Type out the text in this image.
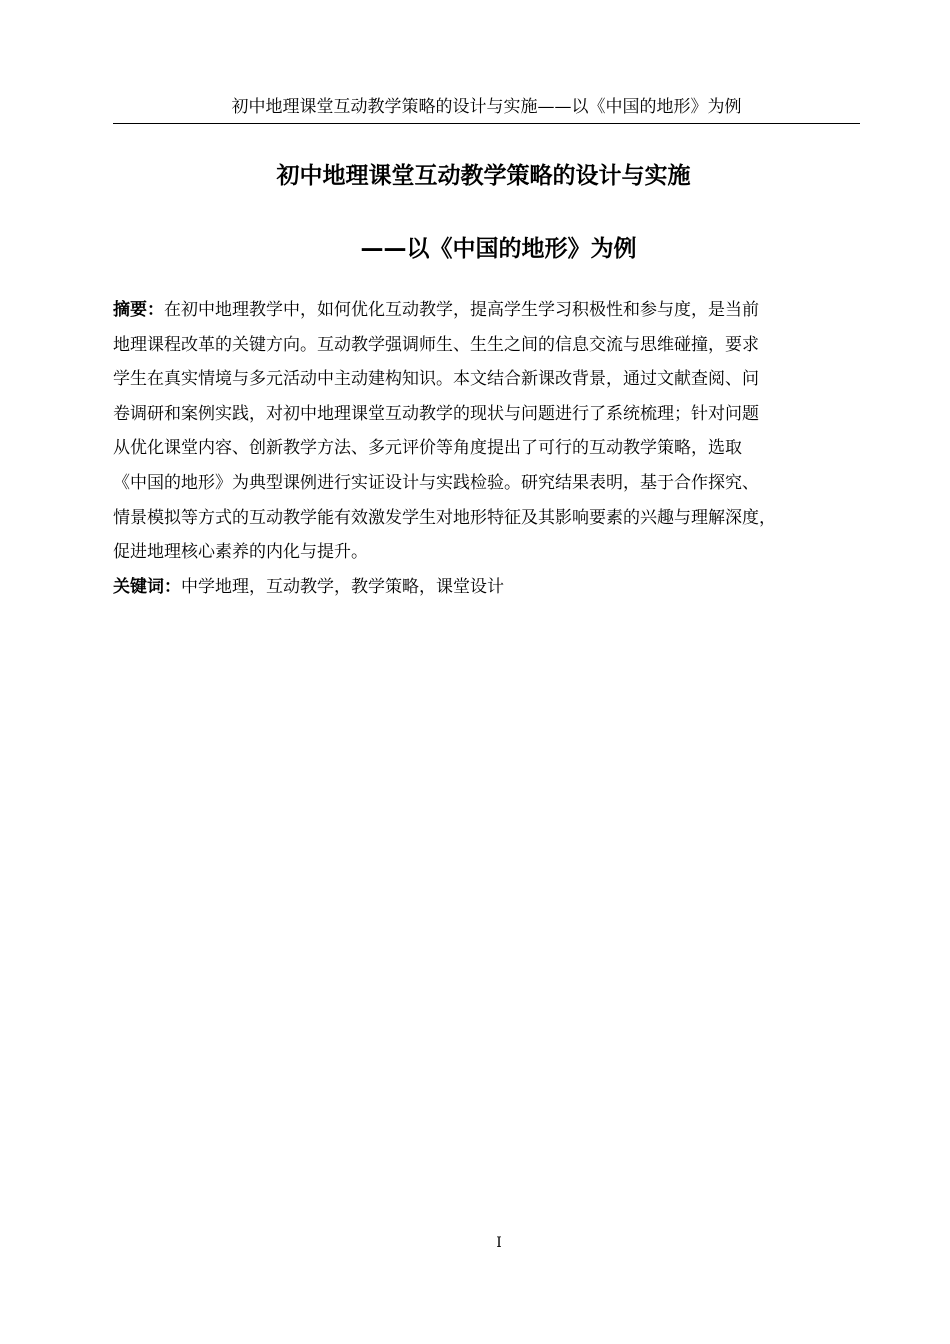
初中地理课堂互动教学策略的设计与实施——以《中国的地形》为例
初中地理课堂互动教学策略的设计与实施
——以《中国的地形》为例
摘要：在初中地理教学中，如何优化互动教学，提高学生学习积极性和参与度，是当前
地理课程改革的关键方向。互动教学强调师生、生生之间的信息交流与思维碰撞，要求
学生在真实情境与多元活动中主动建构知识。本文结合新课改背景，通过文献查阅、问
卷调研和案例实践，对初中地理课堂互动教学的现状与问题进行了系统梳理；针对问题
从优化课堂内容、创新教学方法、多元评价等角度提出了可行的互动教学策略，选取
《中国的地形》为典型课例进行实证设计与实践检验。研究结果表明，基于合作探究、
情景模拟等方式的互动教学能有效激发学生对地形特征及其影响要素的兴趣与理解深度，
促进地理核心素养的内化与提升。
关键词：中学地理，互动教学，教学策略，课堂设计
I
